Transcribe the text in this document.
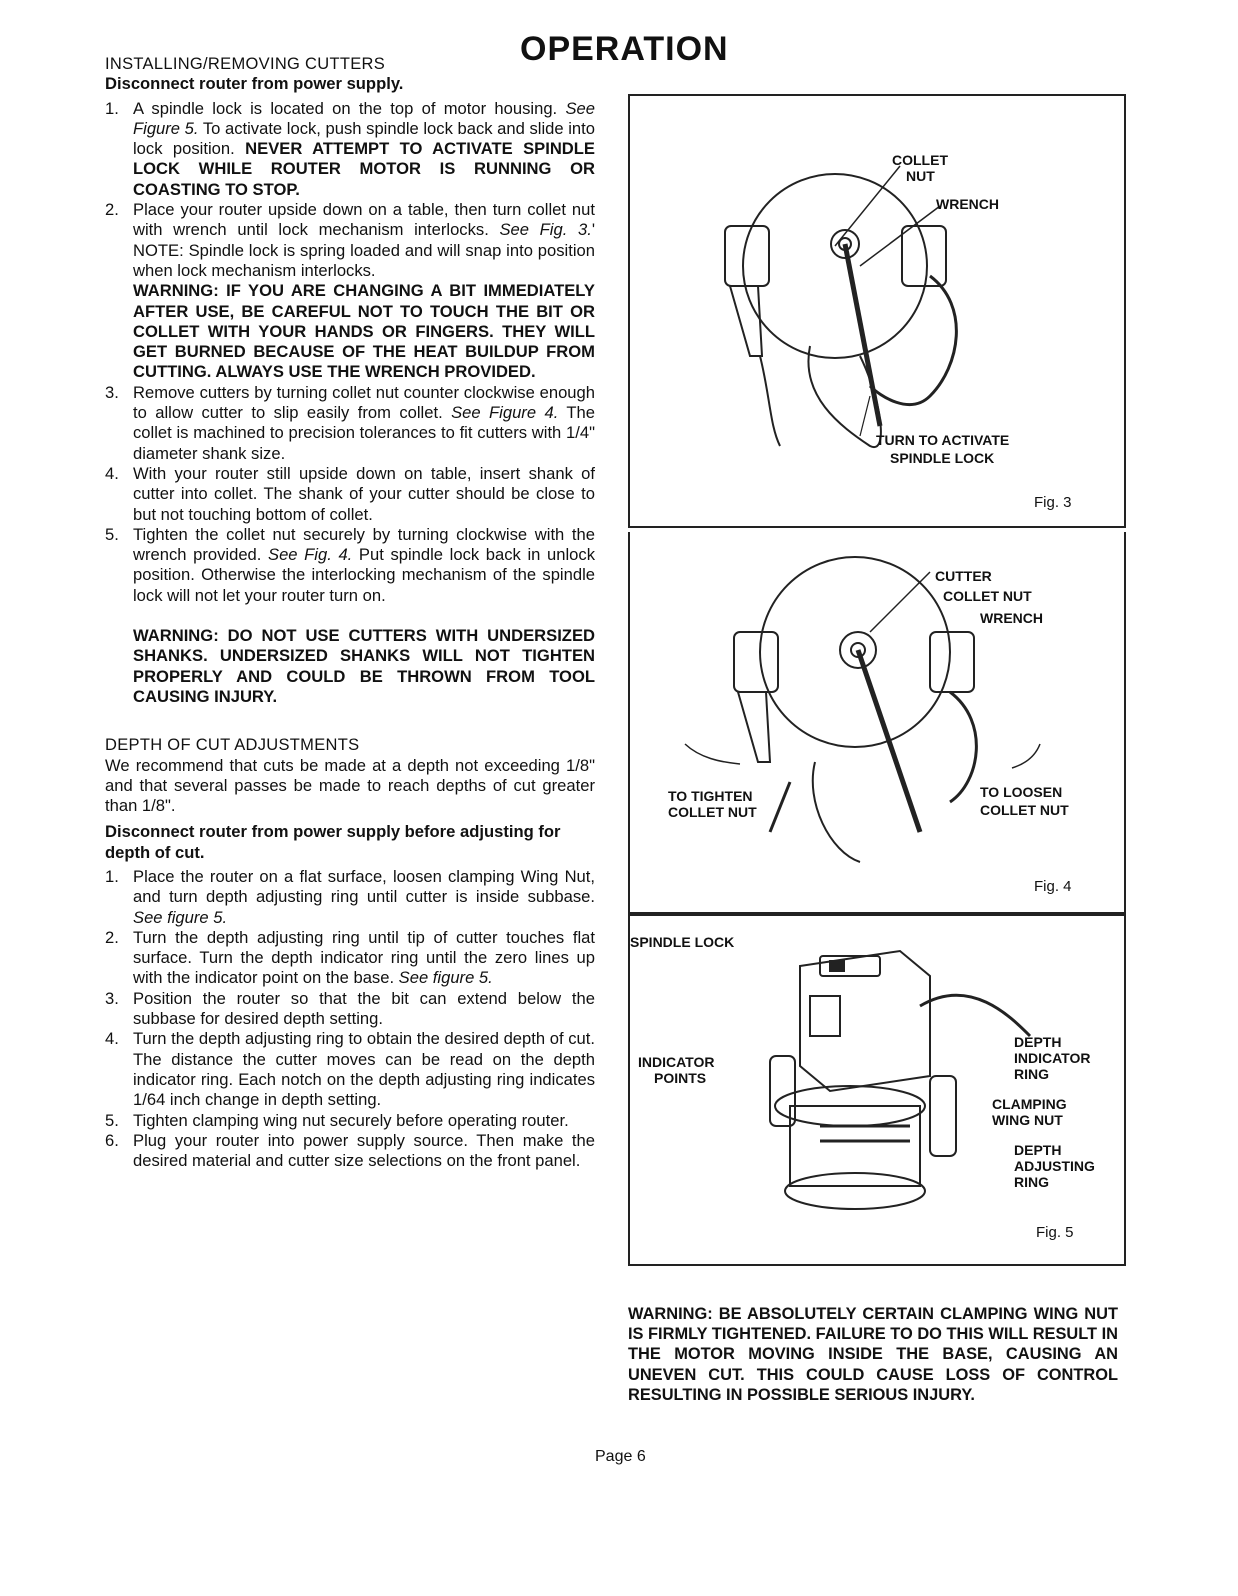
OPERATION
INSTALLING/REMOVING CUTTERS
Disconnect router from power supply.
1. A spindle lock is located on the top of motor housing. See Figure 5. To activate lock, push spindle lock back and slide into lock position. NEVER ATTEMPT TO ACTIVATE SPINDLE LOCK WHILE ROUTER MOTOR IS RUNNING OR COASTING TO STOP.
2. Place your router upside down on a table, then turn collet nut with wrench until lock mechanism interlocks. See Fig. 3.' NOTE: Spindle lock is spring loaded and will snap into position when lock mechanism interlocks.
WARNING: IF YOU ARE CHANGING A BIT IMMEDIATELY AFTER USE, BE CAREFUL NOT TO TOUCH THE BIT OR COLLET WITH YOUR HANDS OR FINGERS. THEY WILL GET BURNED BECAUSE OF THE HEAT BUILDUP FROM CUTTING. ALWAYS USE THE WRENCH PROVIDED.
3. Remove cutters by turning collet nut counter clockwise enough to allow cutter to slip easily from collet. See Figure 4. The collet is machined to precision tolerances to fit cutters with 1/4" diameter shank size.
4. With your router still upside down on table, insert shank of cutter into collet. The shank of your cutter should be close to but not touching bottom of collet.
5. Tighten the collet nut securely by turning clockwise with the wrench provided. See Fig. 4. Put spindle lock back in unlock position. Otherwise the interlocking mechanism of the spindle lock will not let your router turn on.
WARNING: DO NOT USE CUTTERS WITH UNDERSIZED SHANKS. UNDERSIZED SHANKS WILL NOT TIGHTEN PROPERLY AND COULD BE THROWN FROM TOOL CAUSING INJURY.
DEPTH OF CUT ADJUSTMENTS
We recommend that cuts be made at a depth not exceeding 1/8" and that several passes be made to reach depths of cut greater than 1/8".
Disconnect router from power supply before adjusting for depth of cut.
1. Place the router on a flat surface, loosen clamping Wing Nut, and turn depth adjusting ring until cutter is inside subbase. See figure 5.
2. Turn the depth adjusting ring until tip of cutter touches flat surface. Turn the depth indicator ring until the zero lines up with the indicator point on the base. See figure 5.
3. Position the router so that the bit can extend below the subbase for desired depth setting.
4. Turn the depth adjusting ring to obtain the desired depth of cut. The distance the cutter moves can be read on the depth indicator ring. Each notch on the depth adjusting ring indicates 1/64 inch change in depth setting.
5. Tighten clamping wing nut securely before operating router.
6. Plug your router into power supply source. Then make the desired material and cutter size selections on the front panel.
COLLET
NUT
WRENCH
TURN TO ACTIVATE
SPINDLE LOCK
Fig. 3
CUTTER
COLLET NUT
WRENCH
TO TIGHTEN
COLLET NUT
TO LOOSEN
COLLET NUT
Fig. 4
SPINDLE LOCK
INDICATOR
POINTS
DEPTH
INDICATOR
RING
CLAMPING
WING NUT
DEPTH
ADJUSTING
RING
Fig. 5
WARNING: BE ABSOLUTELY CERTAIN CLAMPING WING NUT IS FIRMLY TIGHTENED. FAILURE TO DO THIS WILL RESULT IN THE MOTOR MOVING INSIDE THE BASE, CAUSING AN UNEVEN CUT. THIS COULD CAUSE LOSS OF CONTROL RESULTING IN POSSIBLE SERIOUS INJURY.
Page 6
